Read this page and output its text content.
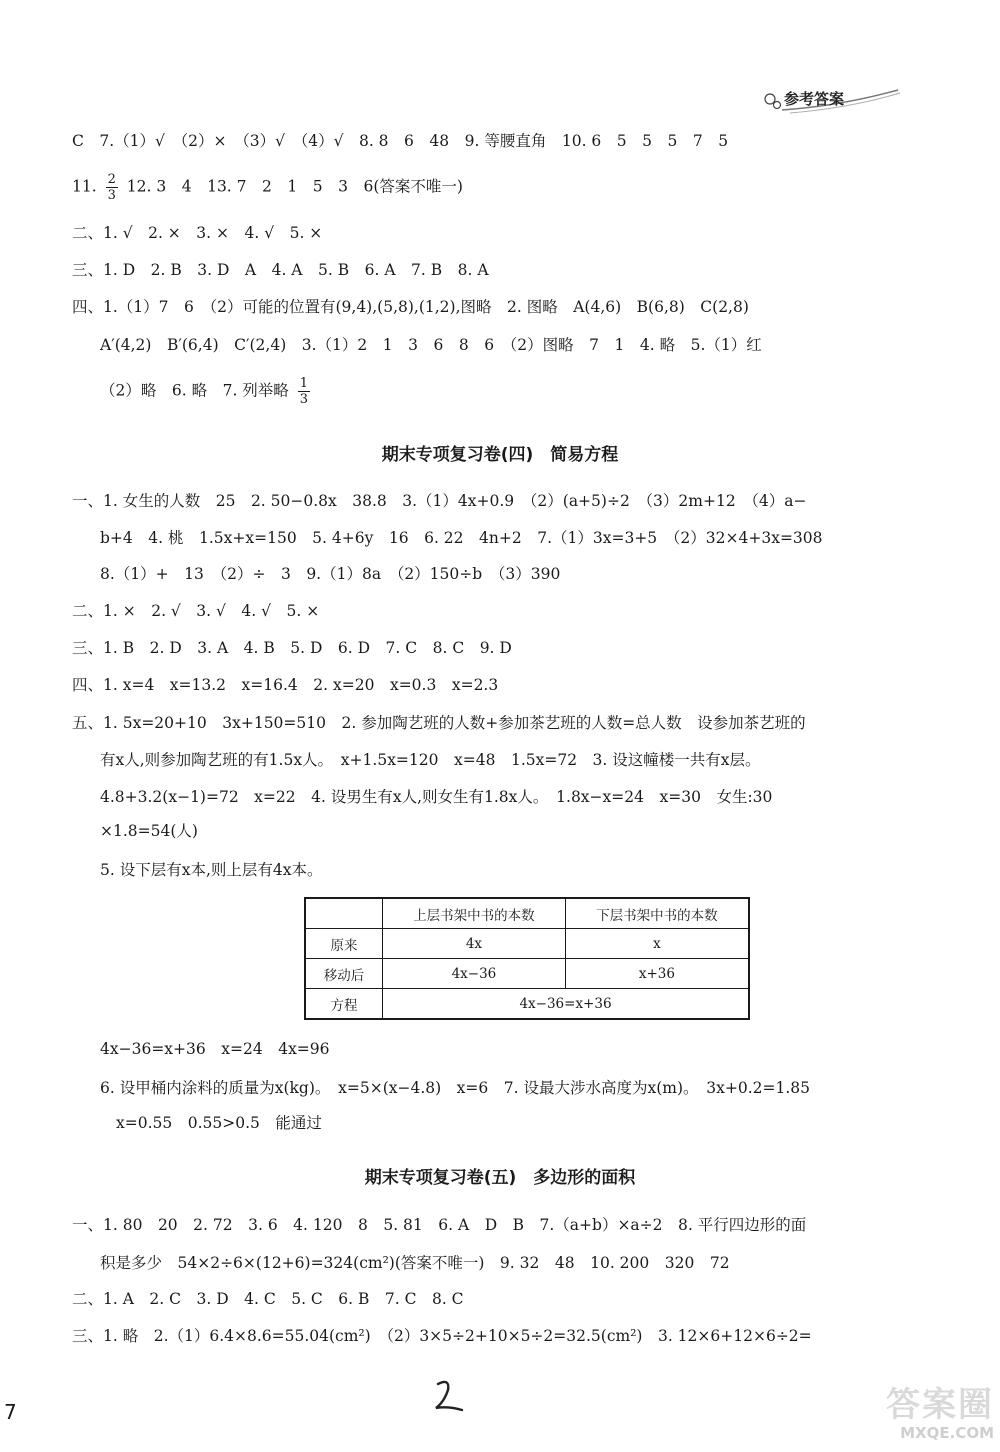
参考答案
C　7.（1）√　（2）×　（3）√　（4）√　8. 8　6　48　9. 等腰直角　10. 6　5　5　5　7　5
11. $\frac{2}{3} 12$. 3　4　13. 7　2　1　5　3　6(答案不唯一)
二、1. √　2. ×　3. ×　4. √　5. ×
三、1. D　2. B　3. D　A　4. A　5. B　6. A　7. B　8. A
四、1.（1）7　6　（2）可能的位置有(9,4),(5,8),(1,2),图略　2. 图略　A(4,6)　B(6,8)　C(2,8)
A′(4,2)　B′(6,4)　C′(2,4)　3.（1）2　1　3　6　8　6　（2）图略　7　1　4. 略　5.（1）红
（2）略　6. 略　7. 列举略 $\frac{1}{3}$
期末专项复习卷(四)　简易方程
一、1. 女生的人数　25　2. 50−0.8x　38.8　3.（1）4x+0.9　（2）(a+5)÷2　（3）2m+12　（4）a−
b+4　4. 桃　1.5x+x=150　5. 4+6y　16　6. 22　4n+2　7.（1）3x=3+5　（2）32×4+3x=308
8.（1）+　13　（2）÷　3　9.（1）8a　（2）150÷b　（3）390
二、1. ×　2. √　3. √　4. √　5. ×
三、1. B　2. D　3. A　4. B　5. D　6. D　7. C　8. C　9. D
四、1. x=4　x=13.2　x=16.4　2. x=20　x=0.3　x=2.3
五、1. 5x=20+10　3x+150=510　2. 参加陶艺班的人数+参加茶艺班的人数=总人数　设参加茶艺班的
有x人,则参加陶艺班的有1.5x人。　x+1.5x=120　x=48　1.5x=72　3. 设这幢楼一共有x层。
4.8+3.2(x−1)=72　x=22　4. 设男生有x人,则女生有1.8x人。　1.8x−x=24　x=30　女生:30
×1.8=54(人)
5. 设下层有x本,则上层有4x本。
	上层书架中书的本数	下层书架中书的本数
原来	4x	x
移动后	4x−36	x+36
方程	4x−36=x+36	
4x−36=x+36　x=24　4x=96
6. 设甲桶内涂料的质量为x(kg)。　x=5×(x−4.8)　x=6　7. 设最大涉水高度为x(m)。　3x+0.2=1.85
x=0.55　0.55>0.5　能通过
期末专项复习卷(五)　多边形的面积
一、1. 80　20　2. 72　3. 6　4. 120　8　5. 81　6. A　D　B　7.（a+b）×a÷2　8. 平行四边形的面
积是多少　54×2÷6×(12+6)=324(cm²)(答案不唯一)　9. 32　48　10. 200　320　72
二、1. A　2. C　3. D　4. C　5. C　6. B　7. C　8. C
三、1. 略　2.（1）6.4×8.6=55.04(cm²)　（2）3×5÷2+10×5÷2=32.5(cm²)　3. 12×6+12×6÷2=
7	答案圈
MXQE.COM
